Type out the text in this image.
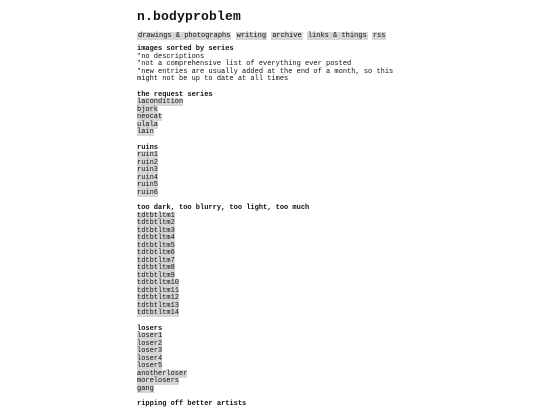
n.bodyproblem
drawings & photographs writing archive links & things rss
images sorted by series
*no descriptions
*not a comprehensive list of everything ever posted
*new entries are usually added at the end of a month, so this
might not be up to date at all times
the request series
lacondition
bjork
neocat
ulala
lain
ruins
ruin1
ruin2
ruin3
ruin4
ruin5
ruin6
too dark, too blurry, too light, too much
tdtbtltm1
tdtbtltm2
tdtbtltm3
tdtbtltm4
tdtbtltm5
tdtbtltm6
tdtbtltm7
tdtbtltm8
tdtbtltm9
tdtbtltm10
tdtbtltm11
tdtbtltm12
tdtbtltm13
tdtbtltm14
losers
loser1
loser2
loser3
loser4
loser5
anotherloser
morelosers
gang
ripping off better artists
